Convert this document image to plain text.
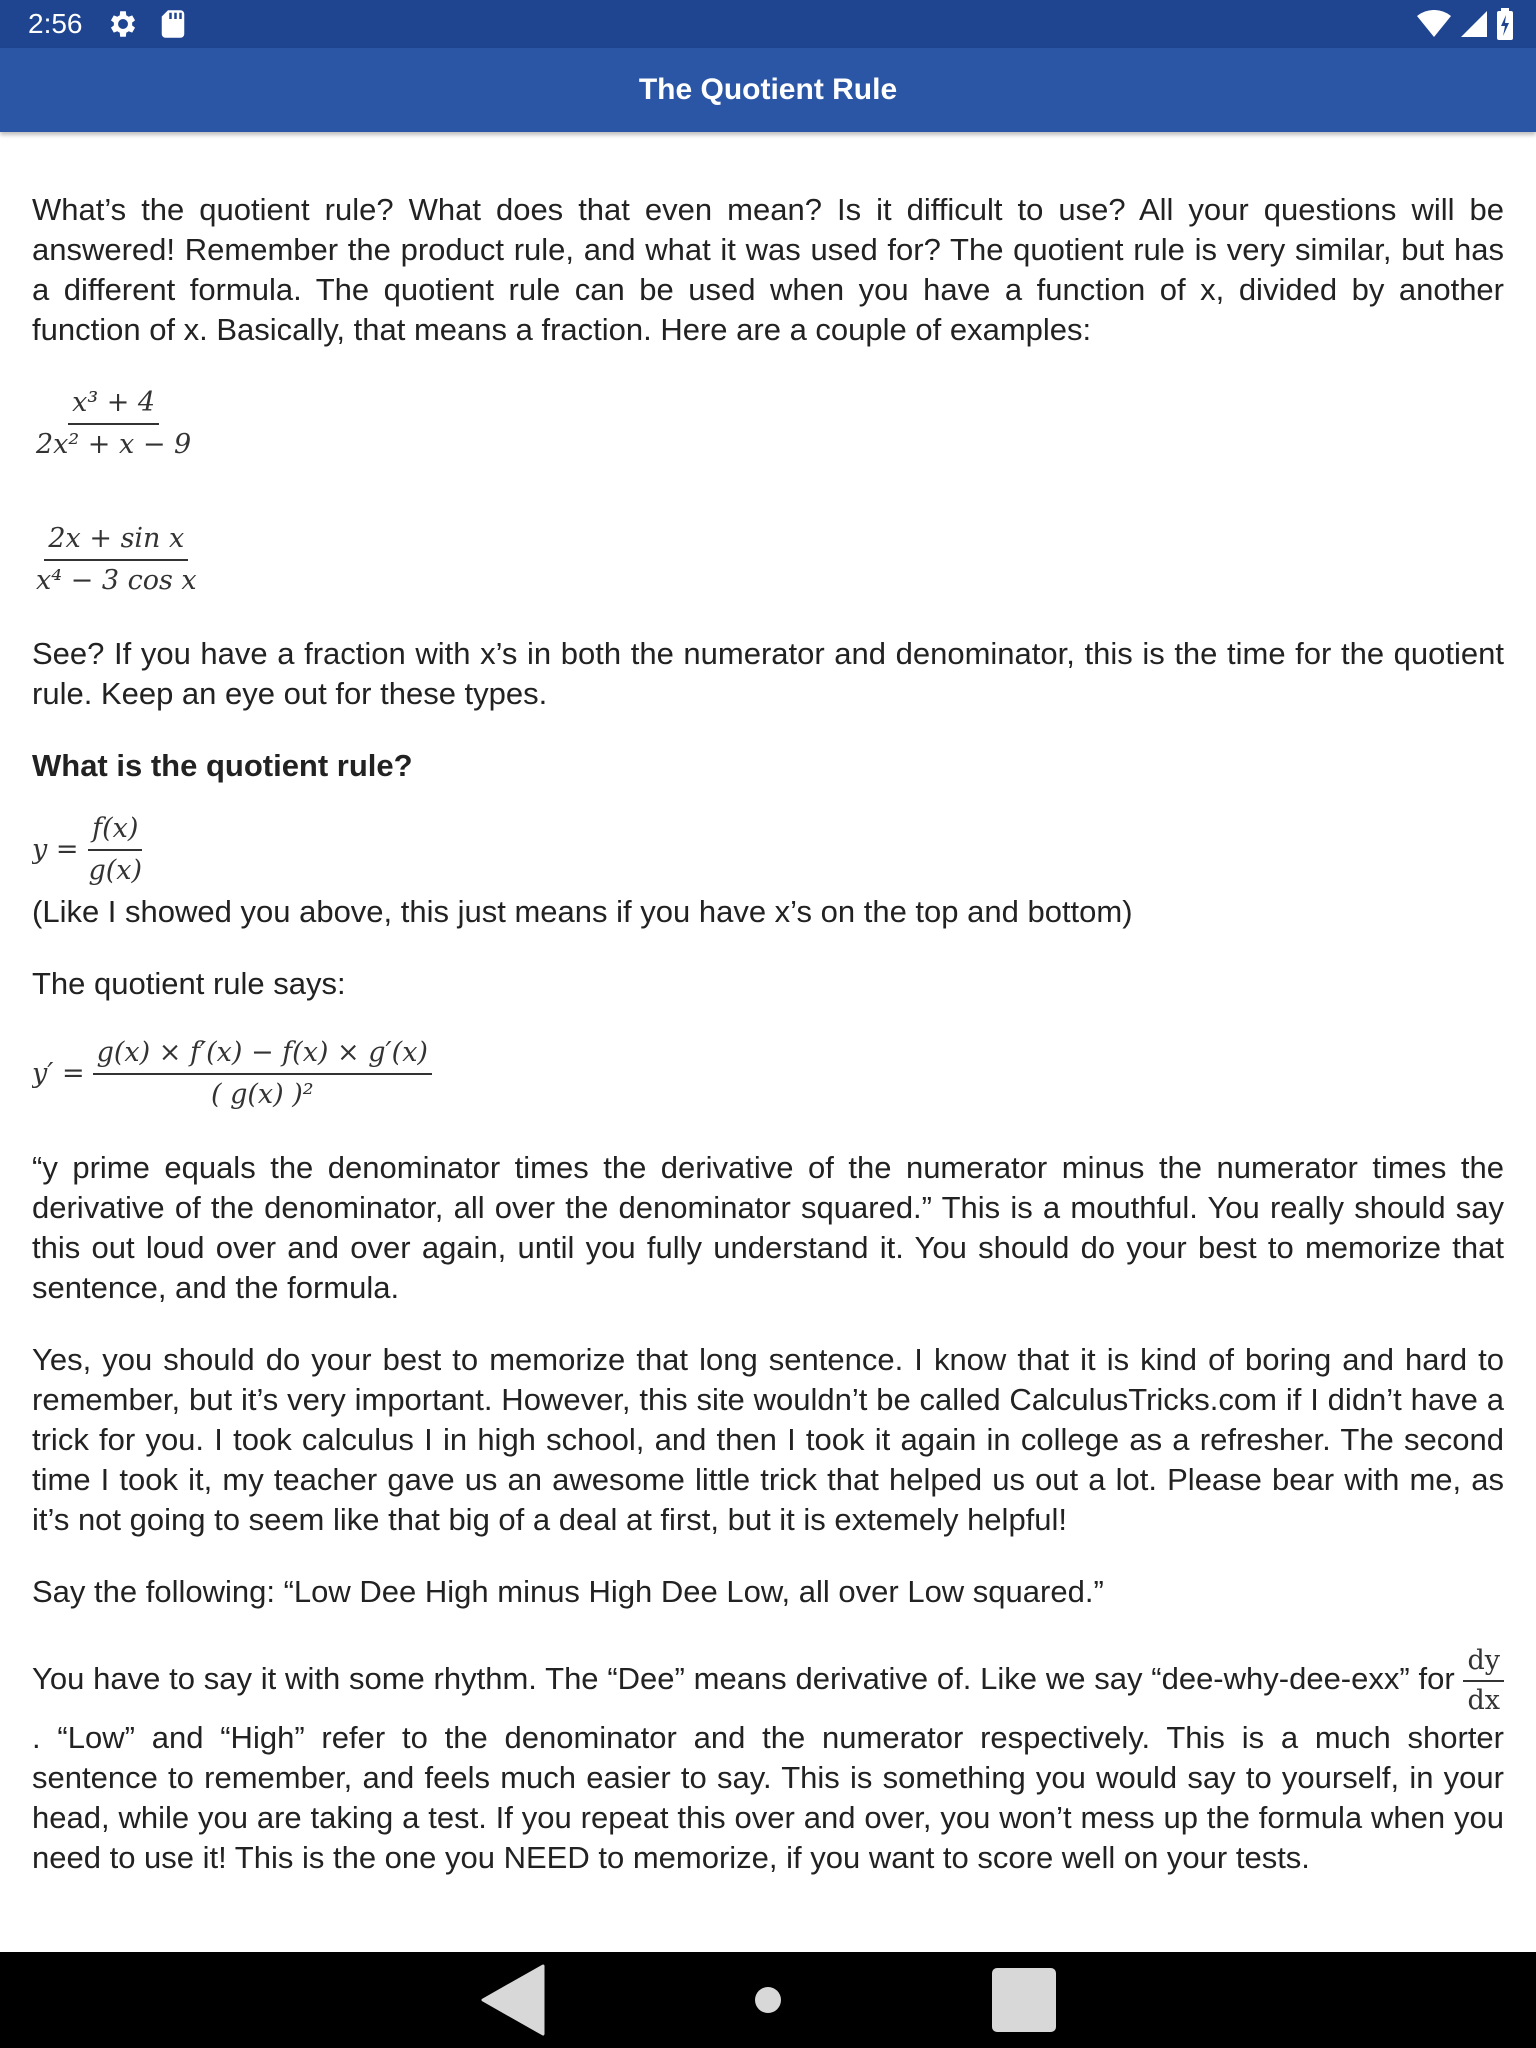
2:56
The Quotient Rule

What’s the quotient rule? What does that even mean? Is it difficult to use? All your questions will be answered! Remember the product rule, and what it was used for? The quotient rule is very similar, but has a different formula. The quotient rule can be used when you have a function of x, divided by another function of x. Basically, that means a fraction. Here are a couple of examples:

$\frac{\text{x³ + 4}}{\text{2x² + x − 9}}$
$\frac{\text{2x + sin x}}{\text{x⁴ − 3 cos x}}$

See? If you have a fraction with x’s in both the numerator and denominator, this is the time for the quotient rule. Keep an eye out for these types.

What is the quotient rule?

$y = \frac{f(x)}{g(x)}$

(Like I showed you above, this just means if you have x’s on the top and bottom)

The quotient rule says:

$y' = \frac{g(x) \times f'(x) - f(x) \times g'(x)}{\text{( g(x) )²}}$

“y prime equals the denominator times the derivative of the numerator minus the numerator times the derivative of the denominator, all over the denominator squared.” This is a mouthful. You really should say this out loud over and over again, until you fully understand it. You should do your best to memorize that sentence, and the formula.

Yes, you should do your best to memorize that long sentence. I know that it is kind of boring and hard to remember, but it’s very important. However, this site wouldn’t be called CalculusTricks.com if I didn’t have a trick for you. I took calculus I in high school, and then I took it again in college as a refresher. The second time I took it, my teacher gave us an awesome little trick that helped us out a lot. Please bear with me, as it’s not going to seem like that big of a deal at first, but it is extemely helpful!

Say the following: “Low Dee High minus High Dee Low, all over Low squared.”

You have to say it with some rhythm. The “Dee” means derivative of. Like we say “dee-why-dee-exx” for $\frac{dy}{dx}$
. “Low” and “High” refer to the denominator and the numerator respectively. This is a much shorter sentence to remember, and feels much easier to say. This is something you would say to yourself, in your head, while you are taking a test. If you repeat this over and over, you won’t mess up the formula when you need to use it! This is the one you NEED to memorize, if you want to score well on your tests.
